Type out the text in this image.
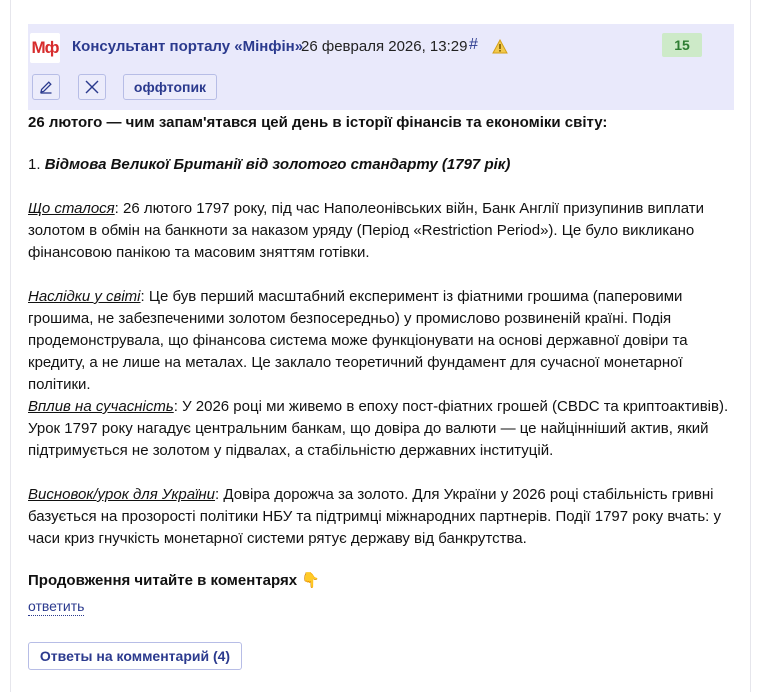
Мф Консультант порталу «Мінфін»
26 февраля 2026, 13:29 #	15
оффтопик

26 лютого — чим запам'ятався цей день в історії фінансів та економіки світу:

1. Відмова Великої Британії від золотого стандарту (1797 рік)

Що сталося: 26 лютого 1797 року, під час Наполеонівських війн, Банк Англії призупинив виплати золотом в обмін на банкноти за наказом уряду (Період «Restriction Period»). Це було викликано фінансовою панікою та масовим зняттям готівки.

Наслідки у світі: Це був перший масштабний експеримент із фіатними грошима (паперовими грошима, не забезпеченими золотом безпосередньо) у промислово розвиненій країні. Подія продемонструвала, що фінансова система може функціонувати на основі державної довіри та кредиту, а не лише на металах. Це заклало теоретичний фундамент для сучасної монетарної політики.

Вплив на сучасність: У 2026 році ми живемо в епоху пост-фіатних грошей (CBDC та криптоактивів). Урок 1797 року нагадує центральним банкам, що довіра до валюти — це найцінніший актив, який підтримується не золотом у підвалах, а стабільністю державних інституцій.

Висновок/урок для України: Довіра дорожча за золото. Для України у 2026 році стабільність гривні базується на прозорості політики НБУ та підтримці міжнародних партнерів. Події 1797 року вчать: у часи криз гнучкість монетарної системи рятує державу від банкрутства.

Продовження читайте в коментарях 👇

ответить
Ответы на комментарий (4)
